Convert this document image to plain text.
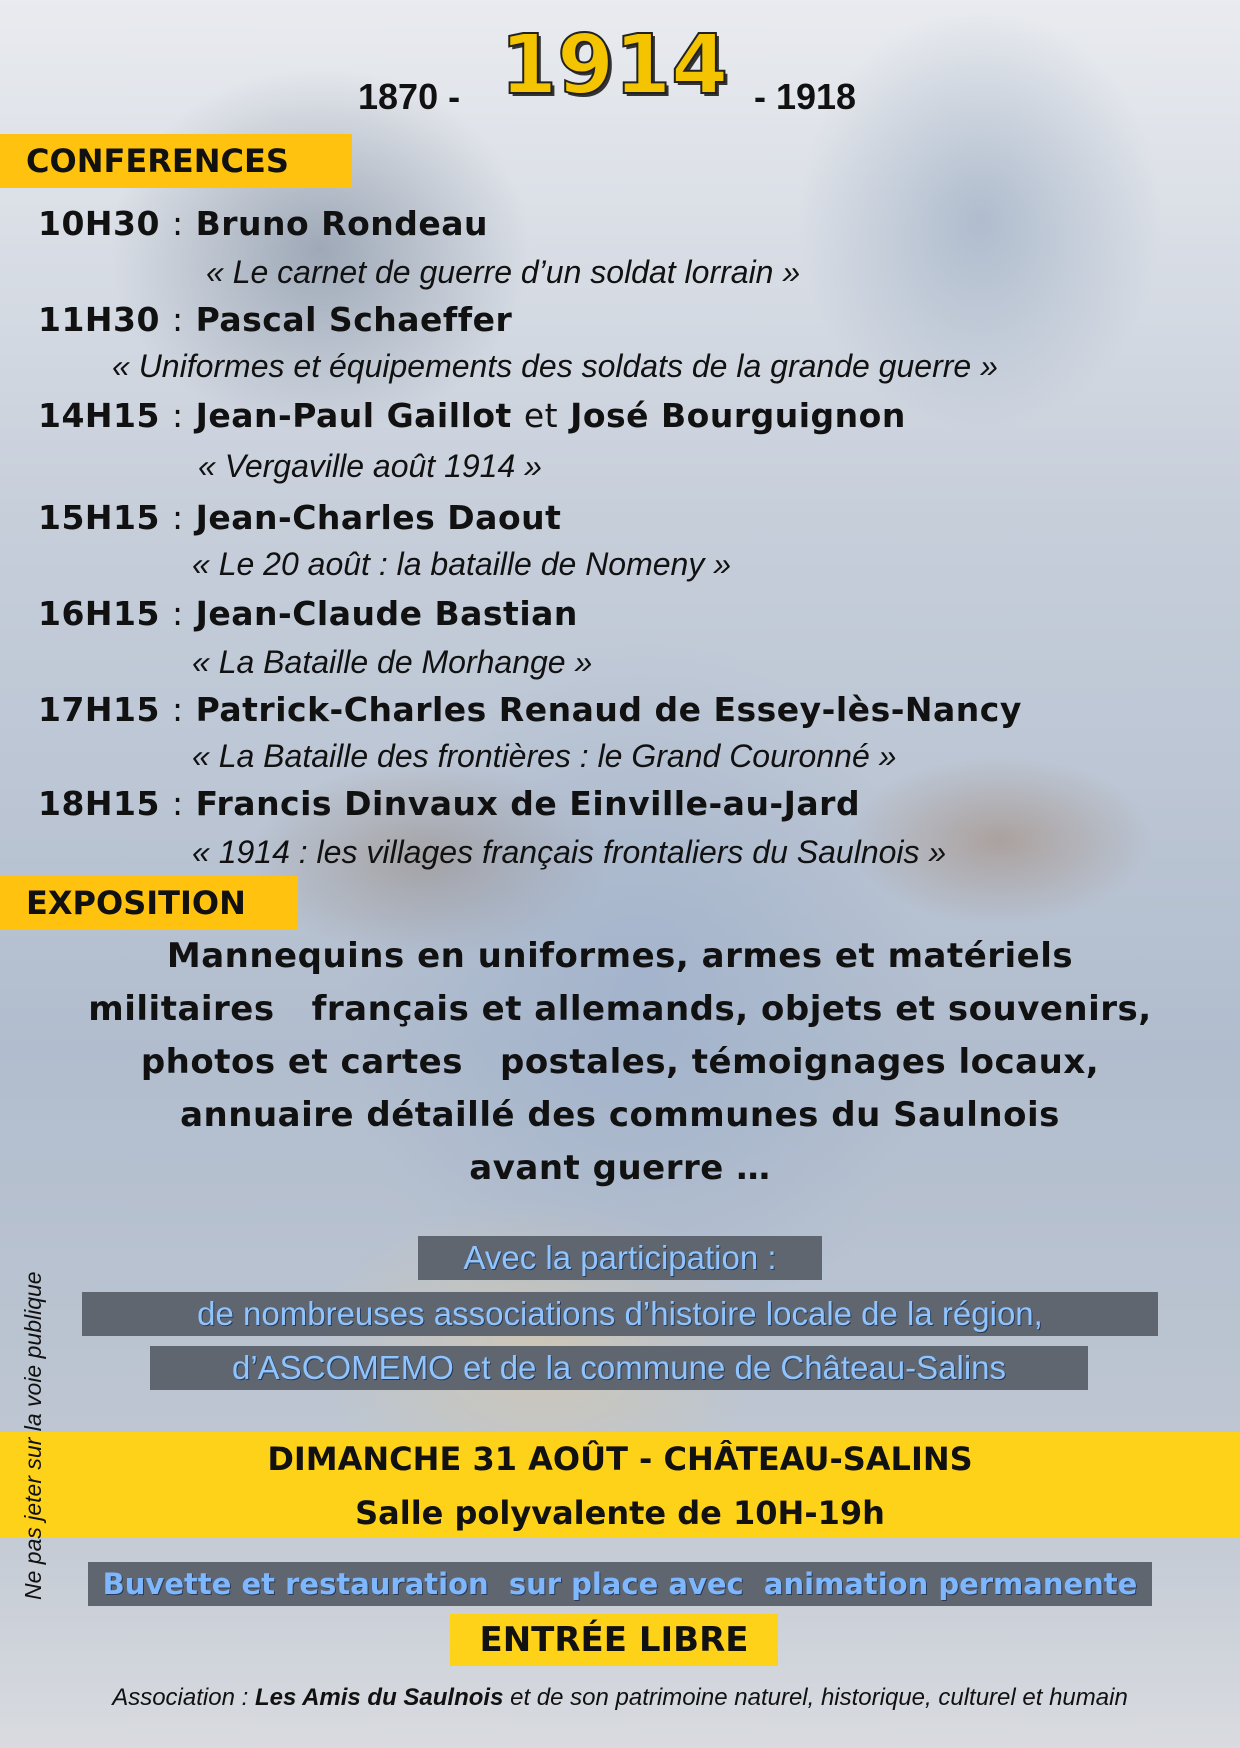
1870 - 1914 - 1918
CONFERENCES
10H30 : Bruno Rondeau
« Le carnet de guerre d’un soldat lorrain »
11H30 : Pascal Schaeffer
« Uniformes et équipements des soldats de la grande guerre »
14H15 : Jean-Paul Gaillot et José Bourguignon
« Vergaville août 1914 »
15H15 : Jean-Charles Daout
« Le 20 août : la bataille de Nomeny »
16H15 : Jean-Claude Bastian
« La Bataille de Morhange »
17H15 : Patrick-Charles Renaud de Essey-lès-Nancy
« La Bataille des frontières : le Grand Couronné »
18H15 : Francis Dinvaux de Einville-au-Jard
« 1914 : les villages français frontaliers du Saulnois »
EXPOSITION
Mannequins en uniformes, armes et matériels
militaires   français et allemands, objets et souvenirs,
photos et cartes   postales, témoignages locaux,
annuaire détaillé des communes du Saulnois
avant guerre …
Avec la participation :
de nombreuses associations d’histoire locale de la région,
d’ASCOMEMO et de la commune de Château-Salins
DIMANCHE 31 AOÛT - CHÂTEAU-SALINS
Salle polyvalente de 10H-19h
Buvette et restauration  sur place avec  animation permanente
ENTRÉE LIBRE
Association : Les Amis du Saulnois et de son patrimoine naturel, historique, culturel et humain
Ne pas jeter sur la voie publique
